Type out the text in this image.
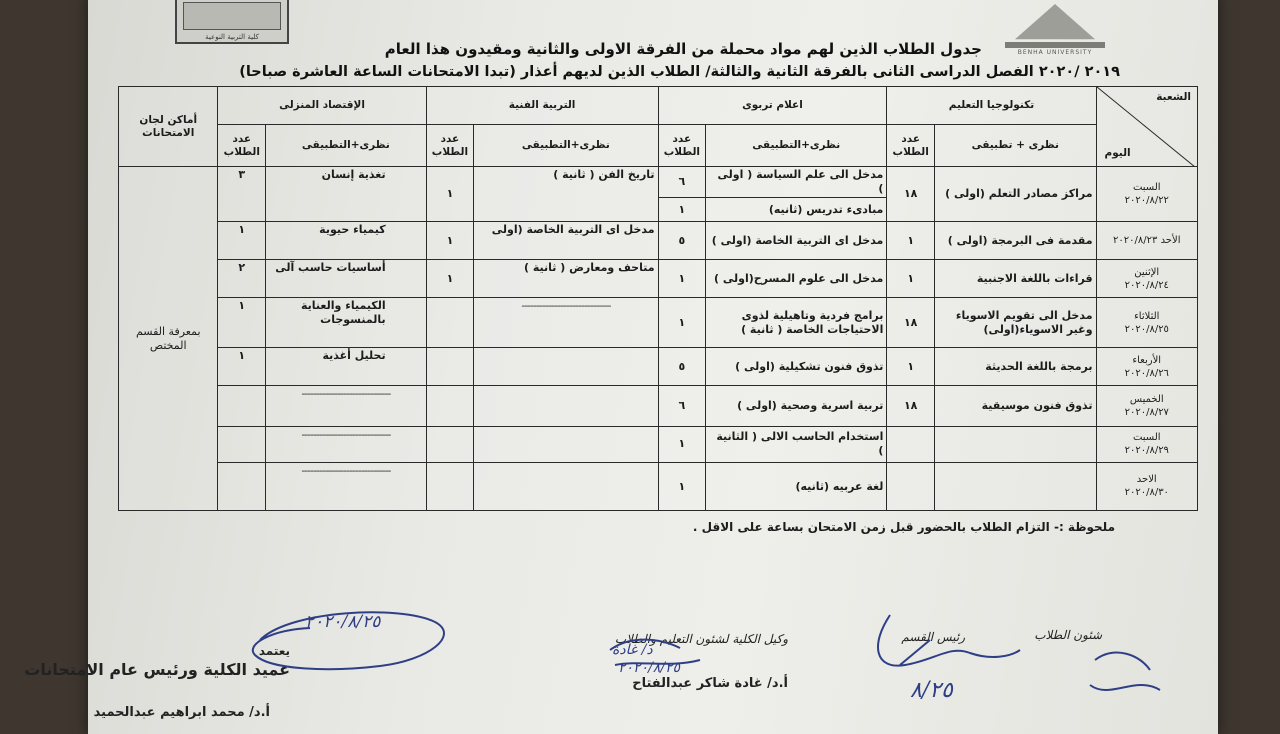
كلية التربية النوعية
BENHA UNIVERSITY
جدول الطلاب الذين لهم مواد محملة من الفرقة الاولى والثانية ومقيدون هذا العام
٢٠١٩ /٢٠٢٠ الفصل الدراسى الثانى بالفرقة الثانية والثالثة/ الطلاب الذين لديهم أعذار (تبدا الامتحانات الساعة العاشرة صباحا)
الشعبة
اليوم	تكنولوجيا التعليم		اعلام تربوى		التربية الفنية		الإقتصاد المنزلى		أماكن لجان الامتحانات
	نظرى + تطبيقى	عدد الطلاب	نظرى+التطبيقى	عدد الطلاب	نظرى+التطبيقى	عدد الطلاب	نظرى+التطبيقى	عدد الطلاب	
السبت
٢٠٢٠/٨/٢٢	مراكز مصادر التعلم (اولى )	١٨	مدخل الى علم السياسة ( اولى )	٦	تاريخ الفن ( ثانية )	١	تغذية إنسان	٣	بمعرفة القسم المختص
			مبادىء تدريس (ثانيه)	١					
الأحد ٢٠٢٠/٨/٢٣	مقدمة فى البرمجة (اولى )	١	مدخل اى التربية الخاصة (اولى )	٥	مدخل اى التربية الخاصة (اولى	١	كيمياء حيوية	١	
الإثنين
٢٠٢٠/٨/٢٤	قراءات باللغة الاجنبية	١	مدخل الى علوم المسرح(اولى )	١	متاحف ومعارض ( ثانية )	١	أساسيات حاسب آلى	٢	
الثلاثاء
٢٠٢٠/٨/٢٥	مدخل الى تقويم الاسوياء وغير الاسوياء(اولى)	١٨	برامج فردية وتاهيلية لذوى الاحتياجات الخاصة ( ثانية )	١	------------------------------		الكيمياء والعناية بالمنسوجات	١	
الأربعاء
٢٠٢٠/٨/٢٦	برمجة باللغة الحديثة	١	تذوق فنون تشكيلية (اولى )	٥			تحليل أغذية	١	
الخميس
٢٠٢٠/٨/٢٧	تذوق فنون موسيقية	١٨	تربية اسرية وصحية (اولى )	٦			------------------------------		
السبت
٢٠٢٠/٨/٢٩			استخدام الحاسب الالى ( الثانية )	١			------------------------------		
الاحد
٢٠٢٠/٨/٣٠			لغة عربيه (ثانيه)	١			------------------------------		
ملحوظة :- التزام الطلاب بالحضور قبل زمن الامتحان بساعة على الاقل .
شئون الطلاب
رئيس القسم
وكيل الكلية لشئون التعليم والطلاب
أ.د/ غادة شاكر عبدالفتاح
يعتمد
عميد الكلية ورئيس عام الامتحانات
أ.د/ محمد ابراهيم عبدالحميد
٢٠٢٠/٨/٢٥
د/ غادة
٢٠٢٠/٨/٢٥
٨/٢٥
